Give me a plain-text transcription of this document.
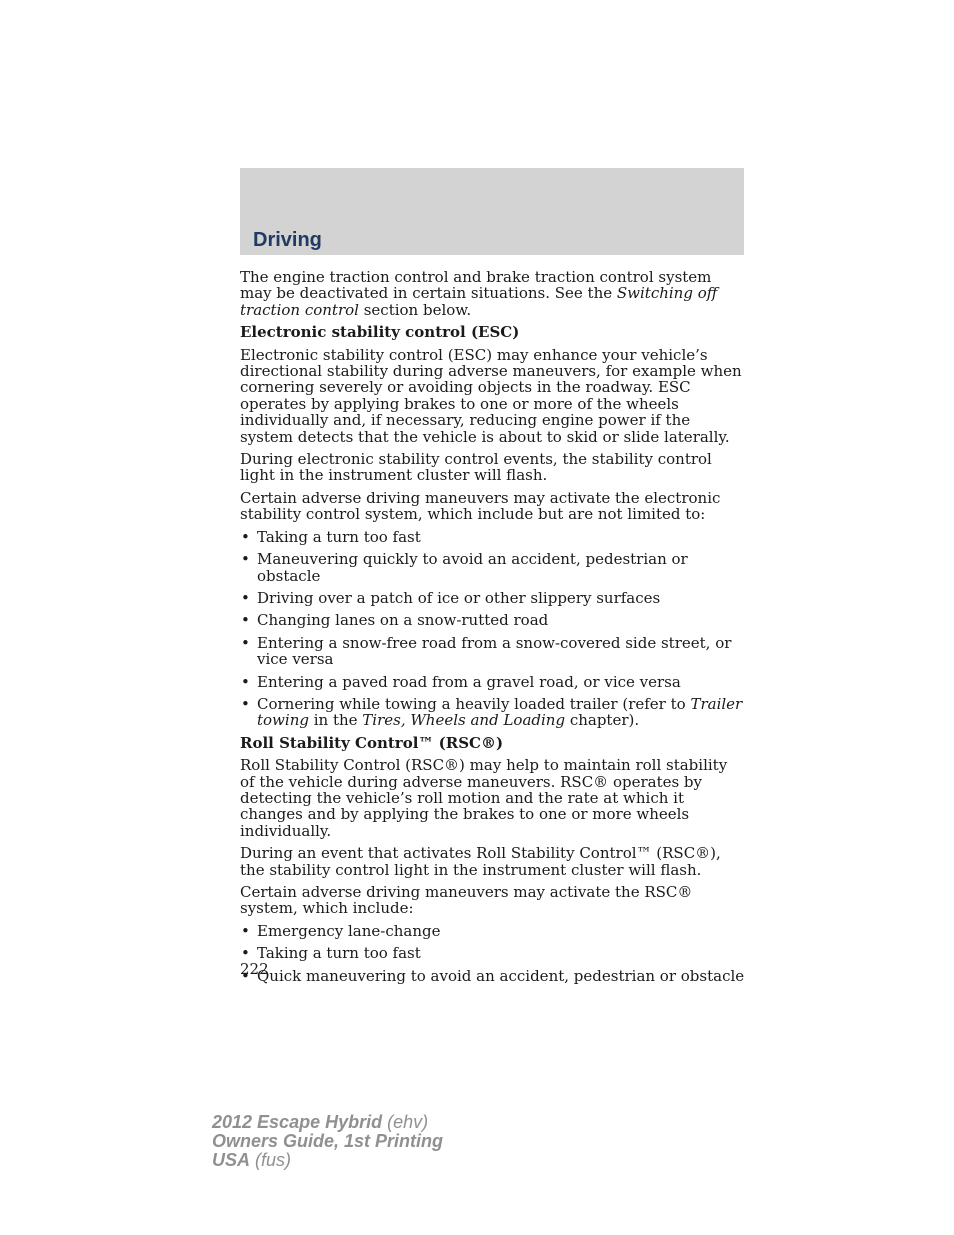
Driving

The engine traction control and brake traction control system may be deactivated in certain situations. See the Switching off traction control section below.

Electronic stability control (ESC)

Electronic stability control (ESC) may enhance your vehicle’s directional stability during adverse maneuvers, for example when cornering severely or avoiding objects in the roadway. ESC operates by applying brakes to one or more of the wheels individually and, if necessary, reducing engine power if the system detects that the vehicle is about to skid or slide laterally.

During electronic stability control events, the stability control light in the instrument cluster will flash.

Certain adverse driving maneuvers may activate the electronic stability control system, which include but are not limited to:

• Taking a turn too fast
• Maneuvering quickly to avoid an accident, pedestrian or obstacle
• Driving over a patch of ice or other slippery surfaces
• Changing lanes on a snow-rutted road
• Entering a snow-free road from a snow-covered side street, or vice versa
• Entering a paved road from a gravel road, or vice versa
• Cornering while towing a heavily loaded trailer (refer to Trailer towing in the Tires, Wheels and Loading chapter).
Roll Stability Control™ (RSC®)

Roll Stability Control (RSC®) may help to maintain roll stability of the vehicle during adverse maneuvers. RSC® operates by detecting the vehicle’s roll motion and the rate at which it changes and by applying the brakes to one or more wheels individually.

During an event that activates Roll Stability Control™ (RSC®), the stability control light in the instrument cluster will flash.

Certain adverse driving maneuvers may activate the RSC® system, which include:

• Emergency lane-change
• Taking a turn too fast
• Quick maneuvering to avoid an accident, pedestrian or obstacle
222
2012 Escape Hybrid (ehv)
Owners Guide, 1st Printing
USA (fus)
